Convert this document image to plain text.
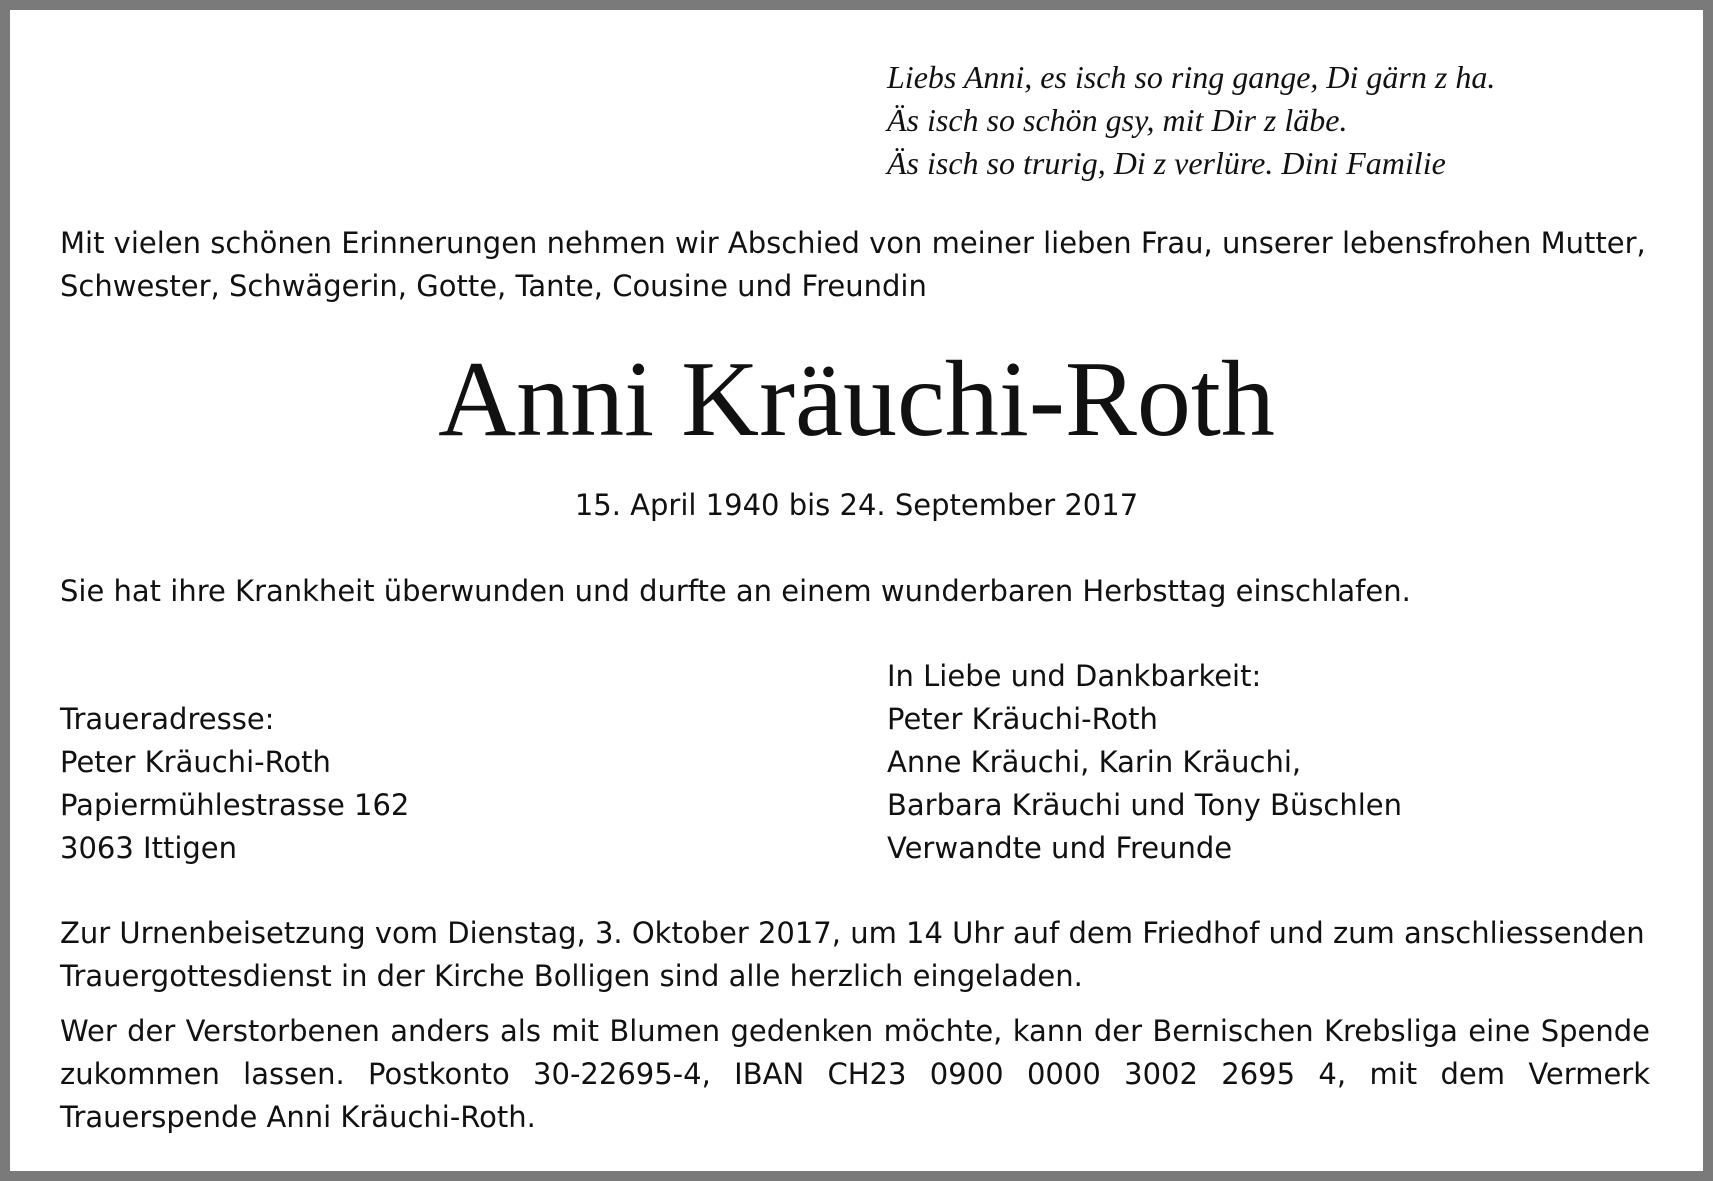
Liebs Anni, es isch so ring gange, Di gärn z ha.
Äs isch so schön gsy, mit Dir z läbe.
Äs isch so trurig, Di z verlüre. Dini Familie
Mit vielen schönen Erinnerungen nehmen wir Abschied von meiner lieben Frau, unserer lebensfrohen Mutter, Schwester, Schwägerin, Gotte, Tante, Cousine und Freundin
Anni Kräuchi-Roth
15. April 1940 bis 24. September 2017
Sie hat ihre Krankheit überwunden und durfte an einem wunderbaren Herbsttag einschlafen.
Traueradresse:
Peter Kräuchi-Roth
Papiermühlestrasse 162
3063 Ittigen
In Liebe und Dankbarkeit:
Peter Kräuchi-Roth
Anne Kräuchi, Karin Kräuchi,
Barbara Kräuchi und Tony Büschlen
Verwandte und Freunde
Zur Urnenbeisetzung vom Dienstag, 3. Oktober 2017, um 14 Uhr auf dem Friedhof und zum anschliessenden Trauergottesdienst in der Kirche Bolligen sind alle herzlich eingeladen.
Wer der Verstorbenen anders als mit Blumen gedenken möchte, kann der Bernischen Krebsliga eine Spende zukommen lassen. Postkonto 30-22695-4, IBAN CH23 0900 0000 3002 2695 4, mit dem Vermerk Trauerspende Anni Kräuchi-Roth.
